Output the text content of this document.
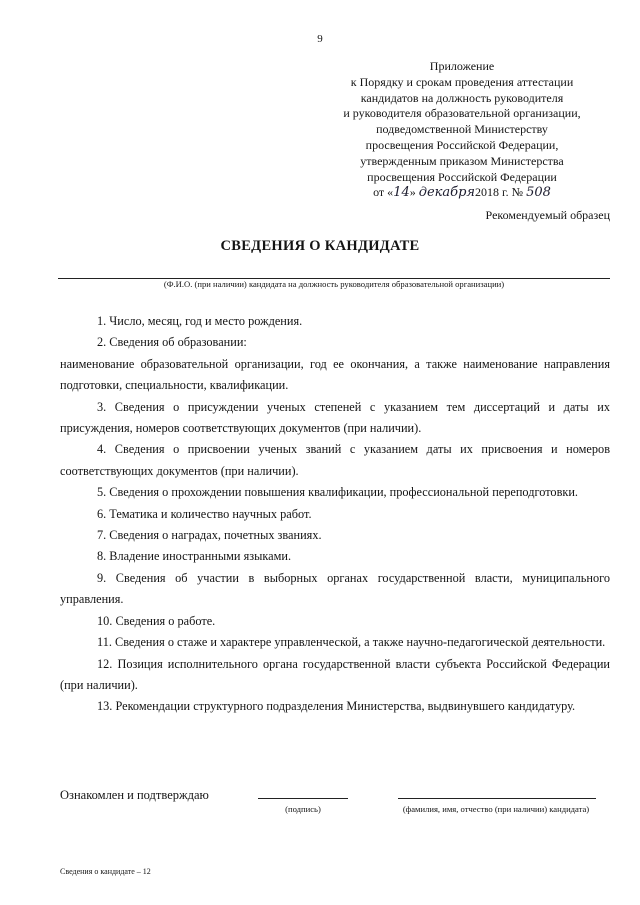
9
Приложение
к Порядку и срокам проведения аттестации
кандидатов на должность руководителя
и руководителя образовательной организации,
подведомственной Министерству
просвещения Российской Федерации,
утвержденным приказом Министерства
просвещения Российской Федерации
от «14» декабря2018 г. № 508
Рекомендуемый образец
СВЕДЕНИЯ О КАНДИДАТЕ
(Ф.И.О. (при наличии) кандидата на должность руководителя образовательной организации)
1. Число, месяц, год и место рождения.
2. Сведения об образовании:
наименование образовательной организации, год ее окончания, а также наименование направления подготовки, специальности, квалификации.
3. Сведения о присуждении ученых степеней с указанием тем диссертаций и даты их присуждения, номеров соответствующих документов (при наличии).
4. Сведения о присвоении ученых званий с указанием даты их присвоения и номеров соответствующих документов (при наличии).
5. Сведения о прохождении повышения квалификации, профессиональной переподготовки.
6. Тематика и количество научных работ.
7. Сведения о наградах, почетных званиях.
8. Владение иностранными языками.
9. Сведения об участии в выборных органах государственной власти, муниципального управления.
10. Сведения о работе.
11. Сведения о стаже и характере управленческой, а также научно-педагогической деятельности.
12. Позиция исполнительного органа государственной власти субъекта Российской Федерации (при наличии).
13. Рекомендации структурного подразделения Министерства, выдвинувшего кандидатуру.
Ознакомлен и подтверждаю
(подпись)	(фамилия, имя, отчество (при наличии) кандидата)
Сведения о кандидате – 12
